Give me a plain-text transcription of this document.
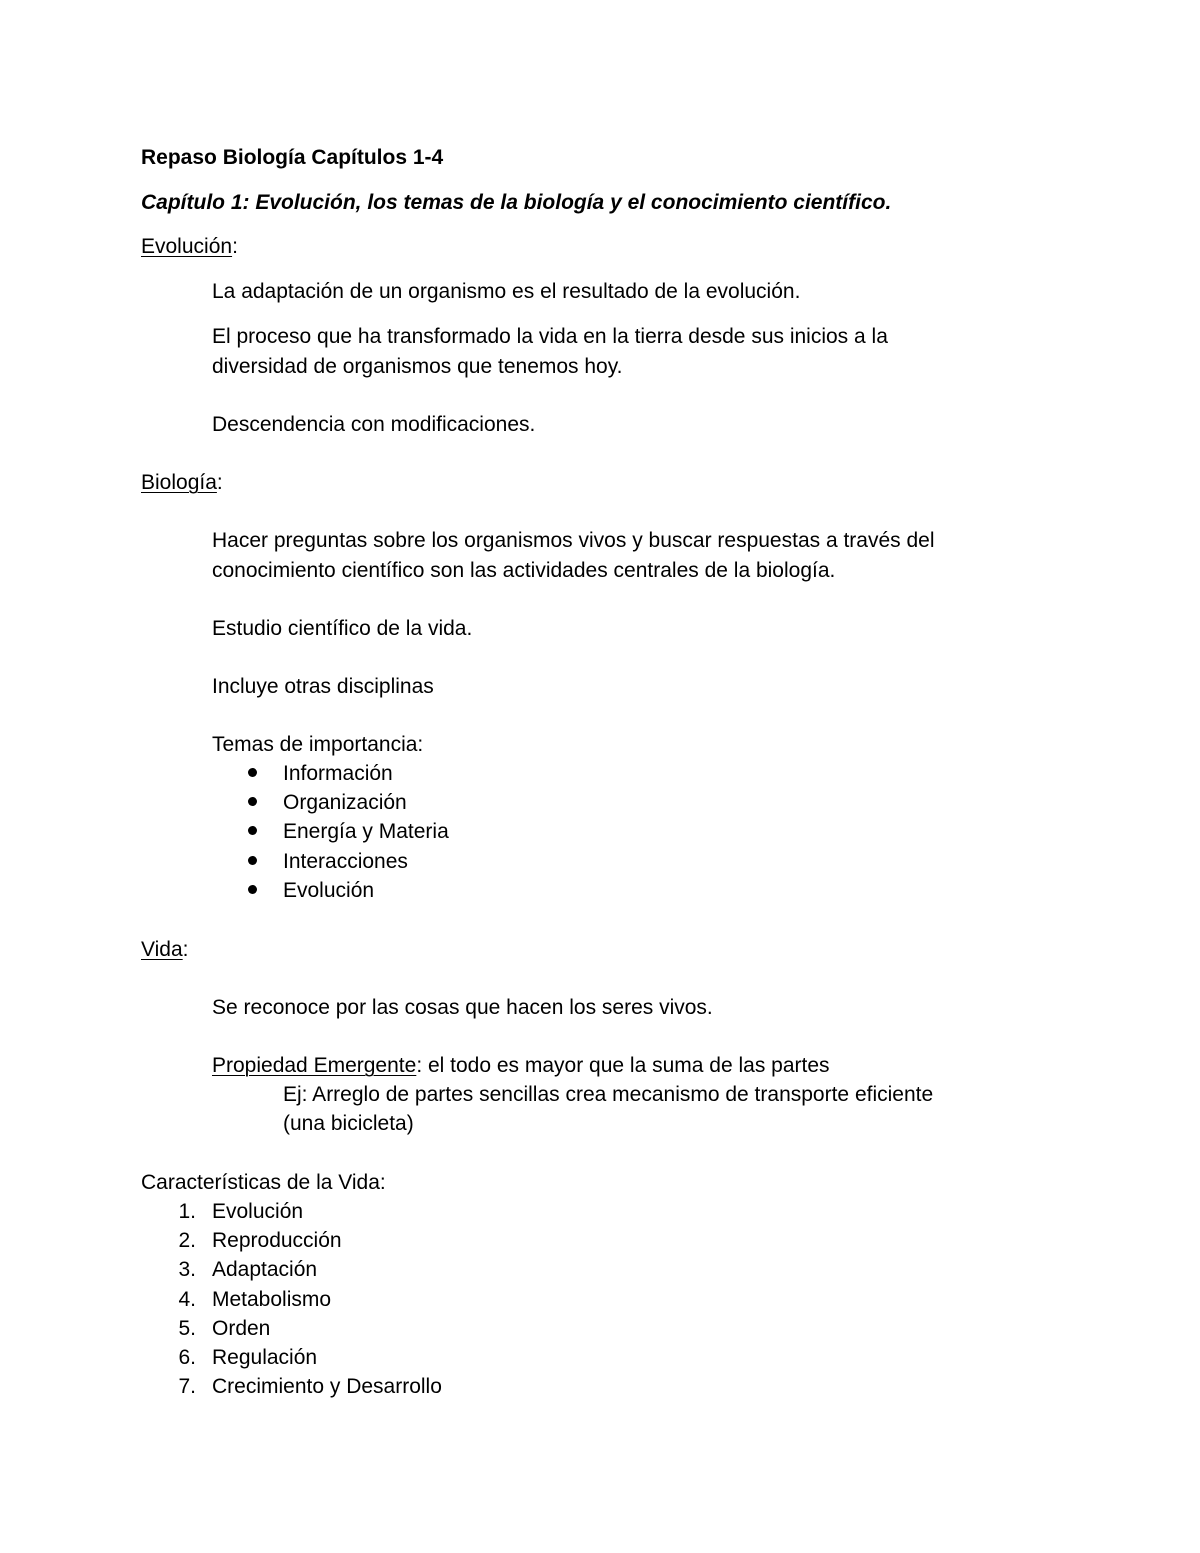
Repaso Biología Capítulos 1-4
Capítulo 1: Evolución, los temas de la biología y el conocimiento científico.
Evolución:
La adaptación de un organismo es el resultado de la evolución.
El proceso que ha transformado la vida en la tierra desde sus inicios a la
diversidad de organismos que tenemos hoy.
Descendencia con modificaciones.
Biología:
Hacer preguntas sobre los organismos vivos y buscar respuestas a través del
conocimiento científico son las actividades centrales de la biología.
Estudio científico de la vida.
Incluye otras disciplinas
Temas de importancia:
Información
Organización
Energía y Materia
Interacciones
Evolución
Vida:
Se reconoce por las cosas que hacen los seres vivos.
Propiedad Emergente: el todo es mayor que la suma de las partes
Ej: Arreglo de partes sencillas crea mecanismo de transporte eficiente
(una bicicleta)
Características de la Vida:
1. Evolución
2. Reproducción
3. Adaptación
4. Metabolismo
5. Orden
6. Regulación
7. Crecimiento y Desarrollo
